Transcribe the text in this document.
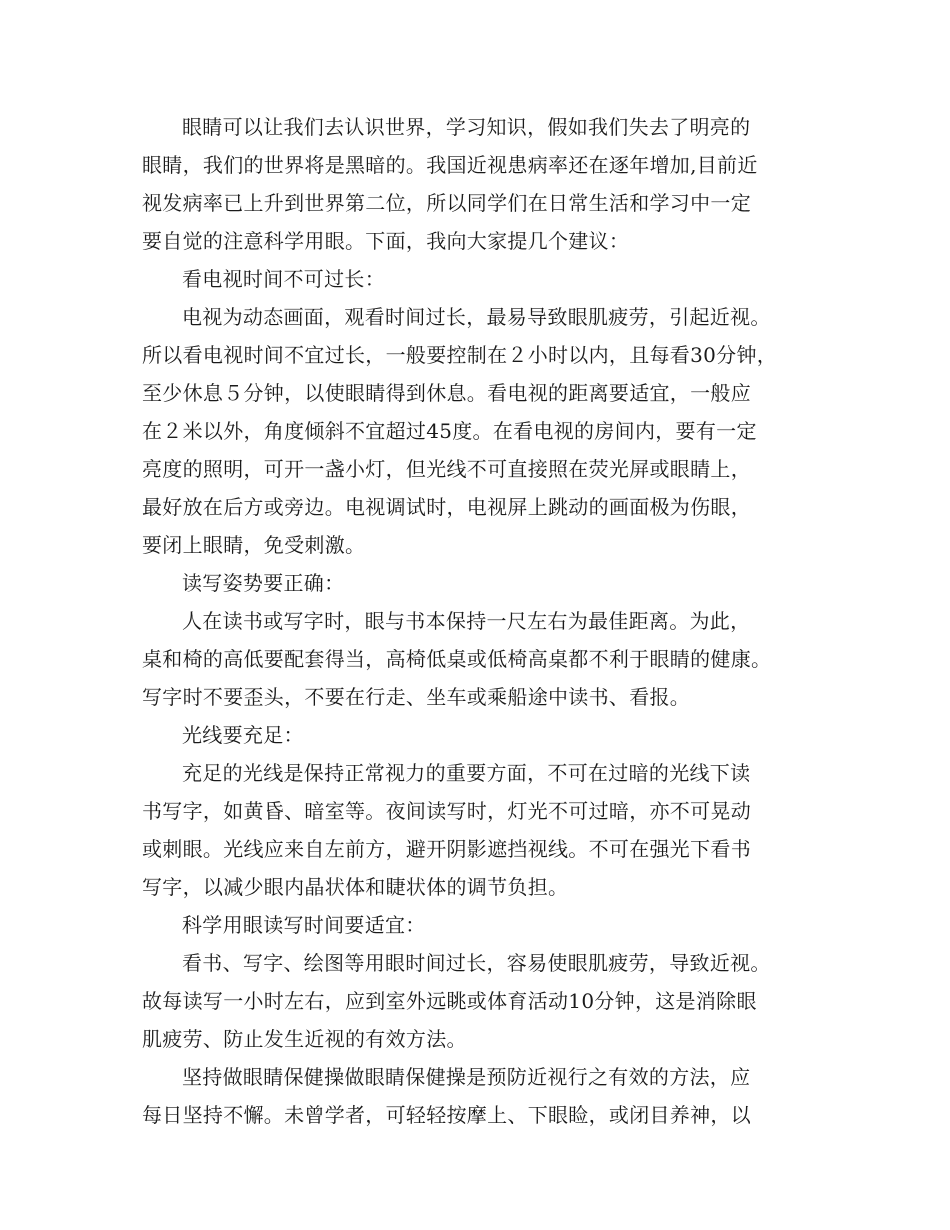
眼睛可以让我们去认识世界，学习知识，假如我们失去了明亮的
眼睛，我们的世界将是黑暗的。我国近视患病率还在逐年增加,目前近
视发病率已上升到世界第二位，所以同学们在日常生活和学习中一定
要自觉的注意科学用眼。下面，我向大家提几个建议：

看电视时间不可过长：

电视为动态画面，观看时间过长，最易导致眼肌疲劳，引起近视。
所以看电视时间不宜过长，一般要控制在２小时以内，且每看30分钟，
至少休息５分钟，以使眼睛得到休息。看电视的距离要适宜，一般应
在２米以外，角度倾斜不宜超过45度。在看电视的房间内，要有一定
亮度的照明，可开一盏小灯，但光线不可直接照在荧光屏或眼睛上，
最好放在后方或旁边。电视调试时，电视屏上跳动的画面极为伤眼，
要闭上眼睛，免受刺激。

读写姿势要正确：

人在读书或写字时，眼与书本保持一尺左右为最佳距离。为此，
桌和椅的高低要配套得当，高椅低桌或低椅高桌都不利于眼睛的健康。
写字时不要歪头，不要在行走、坐车或乘船途中读书、看报。

光线要充足：

充足的光线是保持正常视力的重要方面，不可在过暗的光线下读
书写字，如黄昏、暗室等。夜间读写时，灯光不可过暗，亦不可晃动
或刺眼。光线应来自左前方，避开阴影遮挡视线。不可在强光下看书
写字，以减少眼内晶状体和睫状体的调节负担。

科学用眼读写时间要适宜：

看书、写字、绘图等用眼时间过长，容易使眼肌疲劳，导致近视。
故每读写一小时左右，应到室外远眺或体育活动10分钟，这是消除眼
肌疲劳、防止发生近视的有效方法。

坚持做眼睛保健操做眼睛保健操是预防近视行之有效的方法，应
每日坚持不懈。未曾学者，可轻轻按摩上、下眼睑，或闭目养神，以
